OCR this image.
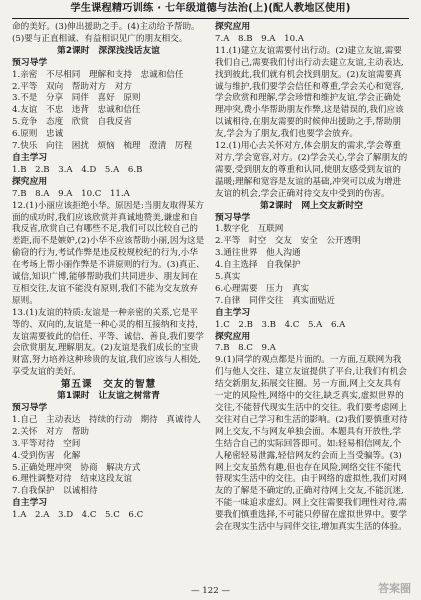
学生课程精巧训练 · 七年级道德与法治(上)(配人教地区使用)

命的美好。(3)伸出援助之手。(4)主动给予帮助。(5)要与正直相诚、有益相识见广的朋友相交。

第2课时　深深浅浅话友谊

预习导学

1.亲密　不尽相同　理解和支持　忠诚和信任

2.平等　双向　帮助对方　对方

3.不是　分享　同伴　喜好　原则

4.友谊　不忠　违背　忠诚和信任

5.竞争　态度　欣赏　自我反省

6.原则　忠诚

7.快乐　向往　困扰　烦恼　梳理　澄清　厉程

自主学习

1.B　2.B　3.A　4.D　5.A　6.B

探究应用

7.B　8.A　9.A　10.C　11.A

12.(1)小丽应该拒绝小华。原因是:当朋友取得某方面的成功时,我们应该欣赏并真诚地赞美,谦虚和自我反省,欣赏自己有哪些不足,我们可以比较自己的差距,而不是嫉妒,(2)小华不应该帮助小丽,因为这是偷窃的行为,考试作弊是违反校规校纪的行为,小华在考场上帮小丽作弊是不讲原则的行为。(3)真正、诚信,知识广博,能够帮助我们共同进步、朋友间在互相交往,友谊不能没有原则,我们不能为交友放弃原则。

13.(1)友谊的特质:友谊是一种亲密的关系,它是平等的、双向的,友谊是一种心灵的相互接纳和支持,友谊需要彼此的信任、平等、诚信、善良,我们要学会欣赏朋友,理解朋友。(2)友谊是我们成长的宝贵财富,努力培养这种珍贵的友谊,我们应该与人相处,享受友谊的美好。

第五课　交友的智慧

第1课时　让友谊之树常青

预习导学

1.自己　主动表达　持续的行动　期待　真诚待人

2.关怀　对方　帮助

3.平等对待　空间

4.受到伤害　化解

5.正确处理冲突　协商　解决方式

6.理性调整对待　结束这段友谊

7.自我保护　以诚相待

自主学习

1.A　2.A　3.D　4.C　5.C　6.C

探究应用

7.A　8.B　9.A　10.A

11.(1)建立友谊需要付出行动。(2)建立友谊,需要我们自己,需要我们付出行动去建立友谊,主动表达,找到彼此,我们就有机会找到朋友。(2)友谊需要真诚与维护,我们要学会信任和尊重,学会关心和宽容,学会欣赏和理解,学会珍惜和维护友谊,学会正确处理冲突,费小华帮助朋友作弊,这是错误的,我们应该以诚相待,在朋友需要的时候伸出援助之手,帮助朋友,学会为了朋友,我们也要学会放弃。

12.(1)用心去关怀对方,体会朋友的需求,学会尊重对方,学会宽容,对方。(2)学会关心,学会了解朋友的需要,受到朋友的尊重和认同,使朋友感受到友谊的温暖;理解和宽容是友谊的基础,冲突可以成为增进友谊的机会,学会正确对待交友中受到的伤害。

第2课时　网上交友新时空

预习导学

1.数字化　互联网

2.平等　时空　交友　安全　公开透明

3.通往世界　他人沟通

4.自主选择　自我保护

5.真实

6.心理需要　压力　真实

7.自律　同伴交往　真实面贴近

自主学习

1.C　2.B　3.B　4.C　5.A　6.A

探究应用

7.B　8.C　9.A

9.(1)同学的观点都是片面的。一方面,互联网为我们与他人交往、建立友谊提供了平台,让我们有机会结交新朋友,拓展交往圈。另一方面,网上交友具有一定的风险性,网络中的交往,缺乏真实,虚拟世界的交往,不能替代现实生活中的交往。我们要考虑网上交往对自己学习和生活的影响。(2)我们要慎重对待网上交友,不与网友单独会面。本题具有开放性,学生结合自己的实际回答即可。如:轻易相信网友,个人秘密轻易泄露,轻信网友约会而上当受骗等。(3)网上交友虽然有趣,但也存在风险,网络交往不能代替现实生活中的交往。由于网络的虚拟性,我们对网友的了解是不确定的,正确对待网上交友,不能沉迷,不能一味追求虚幻。网上交往需要我们理性对待,需要我们慎重选择,不可能只停留在虚拟世界中。要学会在现实生活中与同伴交往,增加真实生活的体验。

— 122 —	答案圈
